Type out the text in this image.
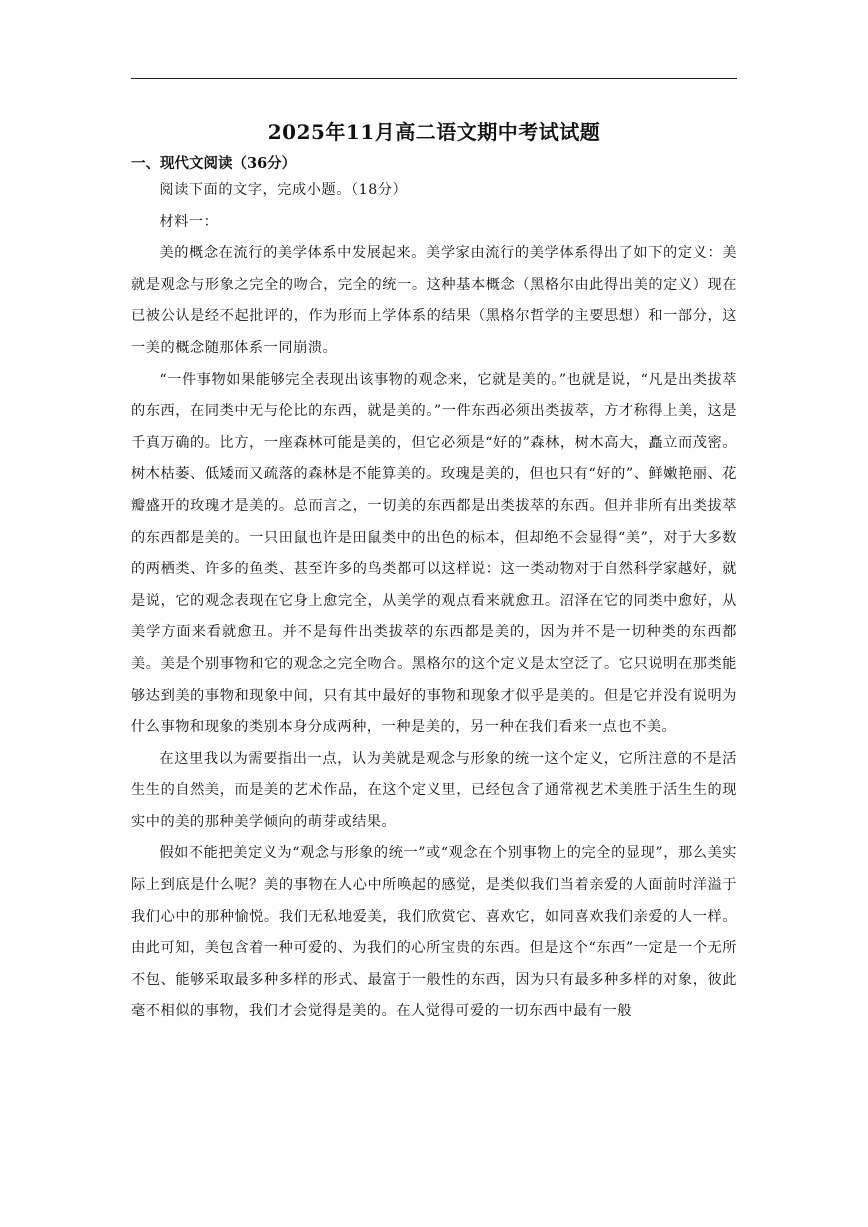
2025年11月高二语文期中考试试题
一、现代文阅读（36分）

阅读下面的文字，完成小题。（18分）

材料一：

美的概念在流行的美学体系中发展起来。美学家由流行的美学体系得出了如下的定义：美就是观念与形象之完全的吻合，完全的统一。这种基本概念（黑格尔由此得出美的定义）现在已被公认是经不起批评的，作为形而上学体系的结果（黑格尔哲学的主要思想）和一部分，这一美的概念随那体系一同崩溃。

“一件事物如果能够完全表现出该事物的观念来，它就是美的。”也就是说，“凡是出类拔萃的东西，在同类中无与伦比的东西，就是美的。”一件东西必须出类拔萃，方才称得上美，这是千真万确的。比方，一座森林可能是美的，但它必须是“好的”森林，树木高大，矗立而茂密。树木枯萎、低矮而又疏落的森林是不能算美的。玫瑰是美的，但也只有“好的”、鲜嫩艳丽、花瓣盛开的玫瑰才是美的。总而言之，一切美的东西都是出类拔萃的东西。但并非所有出类拔萃的东西都是美的。一只田鼠也许是田鼠类中的出色的标本，但却绝不会显得“美”，对于大多数的两栖类、许多的鱼类、甚至许多的鸟类都可以这样说：这一类动物对于自然科学家越好，就是说，它的观念表现在它身上愈完全，从美学的观点看来就愈丑。沼泽在它的同类中愈好，从美学方面来看就愈丑。并不是每件出类拔萃的东西都是美的，因为并不是一切种类的东西都美。美是个别事物和它的观念之完全吻合。黑格尔的这个定义是太空泛了。它只说明在那类能够达到美的事物和现象中间，只有其中最好的事物和现象才似乎是美的。但是它并没有说明为什么事物和现象的类别本身分成两种，一种是美的，另一种在我们看来一点也不美。

在这里我以为需要指出一点，认为美就是观念与形象的统一这个定义，它所注意的不是活生生的自然美，而是美的艺术作品，在这个定义里，已经包含了通常视艺术美胜于活生生的现实中的美的那种美学倾向的萌芽或结果。

假如不能把美定义为“观念与形象的统一”或“观念在个别事物上的完全的显现”，那么美实际上到底是什么呢？美的事物在人心中所唤起的感觉，是类似我们当着亲爱的人面前时洋溢于我们心中的那种愉悦。我们无私地爱美，我们欣赏它、喜欢它，如同喜欢我们亲爱的人一样。由此可知，美包含着一种可爱的、为我们的心所宝贵的东西。但是这个“东西”一定是一个无所不包、能够采取最多种多样的形式、最富于一般性的东西，因为只有最多种多样的对象，彼此毫不相似的事物，我们才会觉得是美的。在人觉得可爱的一切东西中最有一般
